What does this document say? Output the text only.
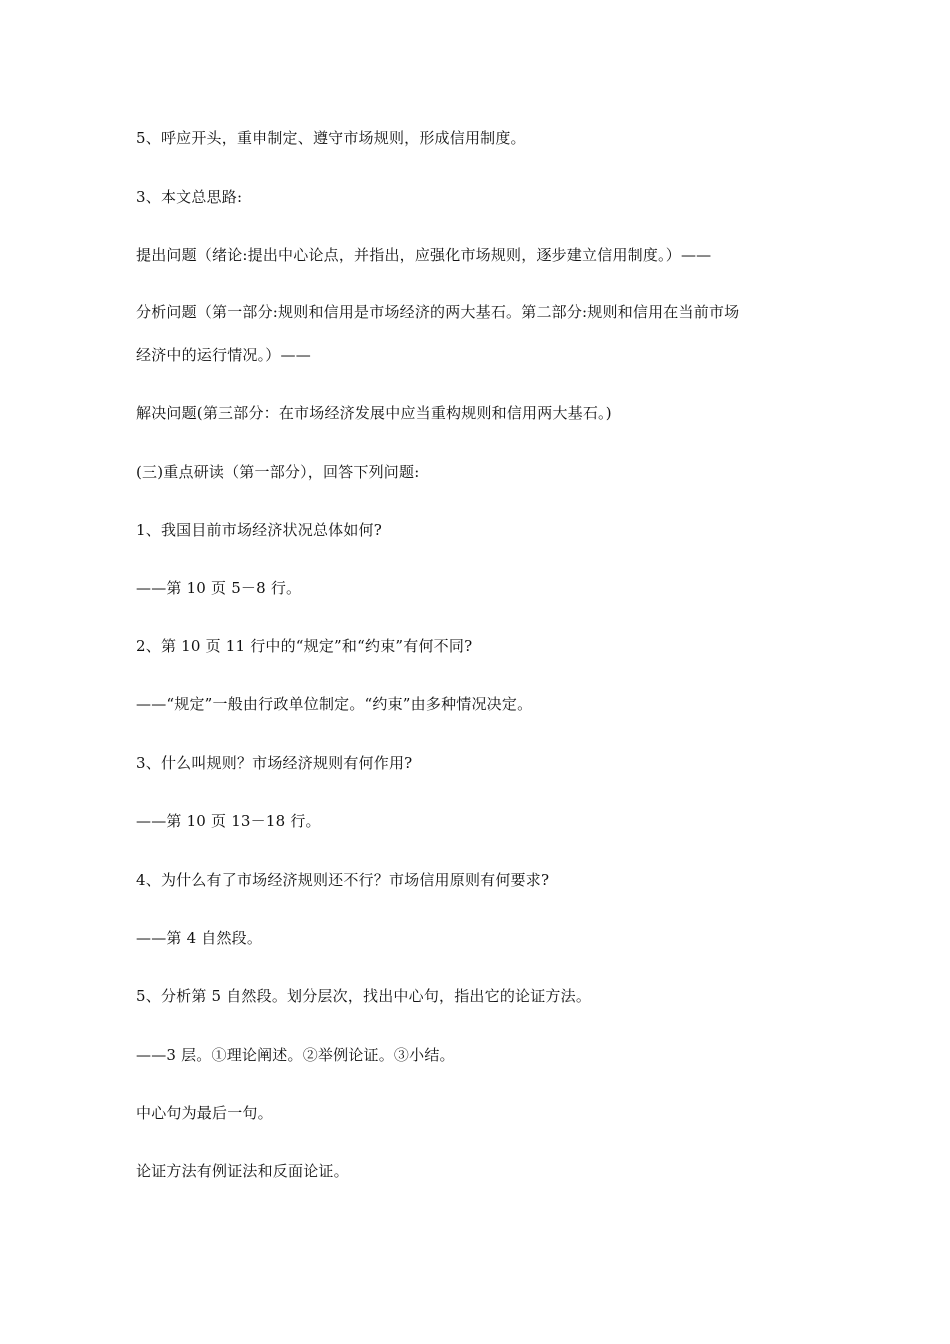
5、呼应开头，重申制定、遵守市场规则，形成信用制度。
3、本文总思路:
提出问题（绪论:提出中心论点，并指出，应强化市场规则，逐步建立信用制度。）——
分析问题（第一部分:规则和信用是市场经济的两大基石。第二部分:规则和信用在当前市场
经济中的运行情况。）——
解决问题(第三部分：在市场经济发展中应当重构规则和信用两大基石。)
(三)重点研读（第一部分），回答下列问题:
1、我国目前市场经济状况总体如何?
——第 10 页 5－8 行。
2、第 10 页 11 行中的“规定”和“约束”有何不同?
——“规定”一般由行政单位制定。“约束”由多种情况决定。
3、什么叫规则？市场经济规则有何作用?
——第 10 页 13－18 行。
4、为什么有了市场经济规则还不行？市场信用原则有何要求?
——第 4 自然段。
5、分析第 5 自然段。划分层次，找出中心句，指出它的论证方法。
——3 层。①理论阐述。②举例论证。③小结。
中心句为最后一句。
论证方法有例证法和反面论证。
